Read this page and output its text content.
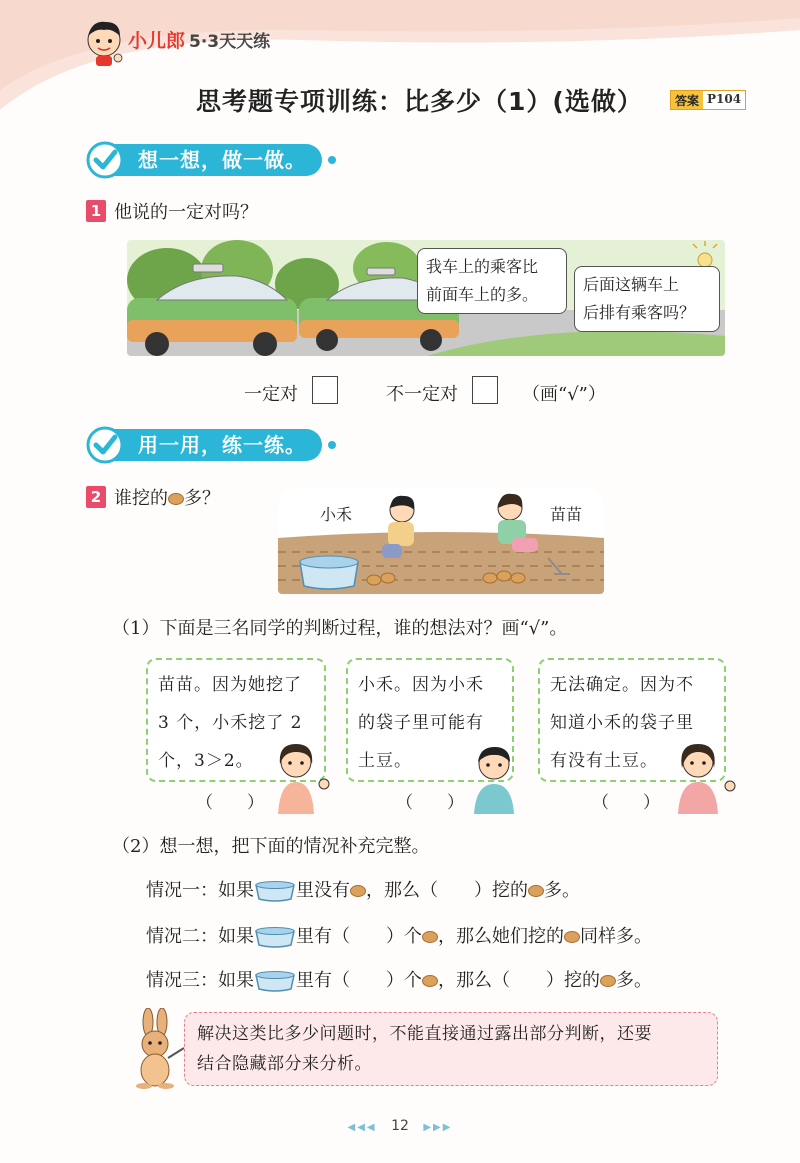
小儿郎 5·3天天练
思考题专项训练：比多少（1）(选做）	答案 P104
想一想，做一做。
1 他说的一定对吗？
我车上的乘客比
前面车上的多。
后面这辆车上
后排有乘客吗？
一定对	不一定对	（画“√”）
用一用，练一练。
2 谁挖的 多？
小禾	苗苗
（1）下面是三名同学的判断过程，谁的想法对？画“√”。
苗苗。因为她挖了
3 个，小禾挖了 2
个，3＞2。
小禾。因为小禾
的袋子里可能有
土豆。
无法确定。因为不
知道小禾的袋子里
有没有土豆。
（　　）	（　　）	（　　）
（2）想一想，把下面的情况补充完整。
情况一：如果 里没有 ，那么（　　）挖的 多。
情况二：如果 里有（　　）个 ，那么她们挖的 同样多。
情况三：如果 里有（　　）个 ，那么（　　）挖的 多。
解决这类比多少问题时，不能直接通过露出部分判断，还要
结合隐藏部分来分析。
◀◀◀ 12 ▶▶▶
